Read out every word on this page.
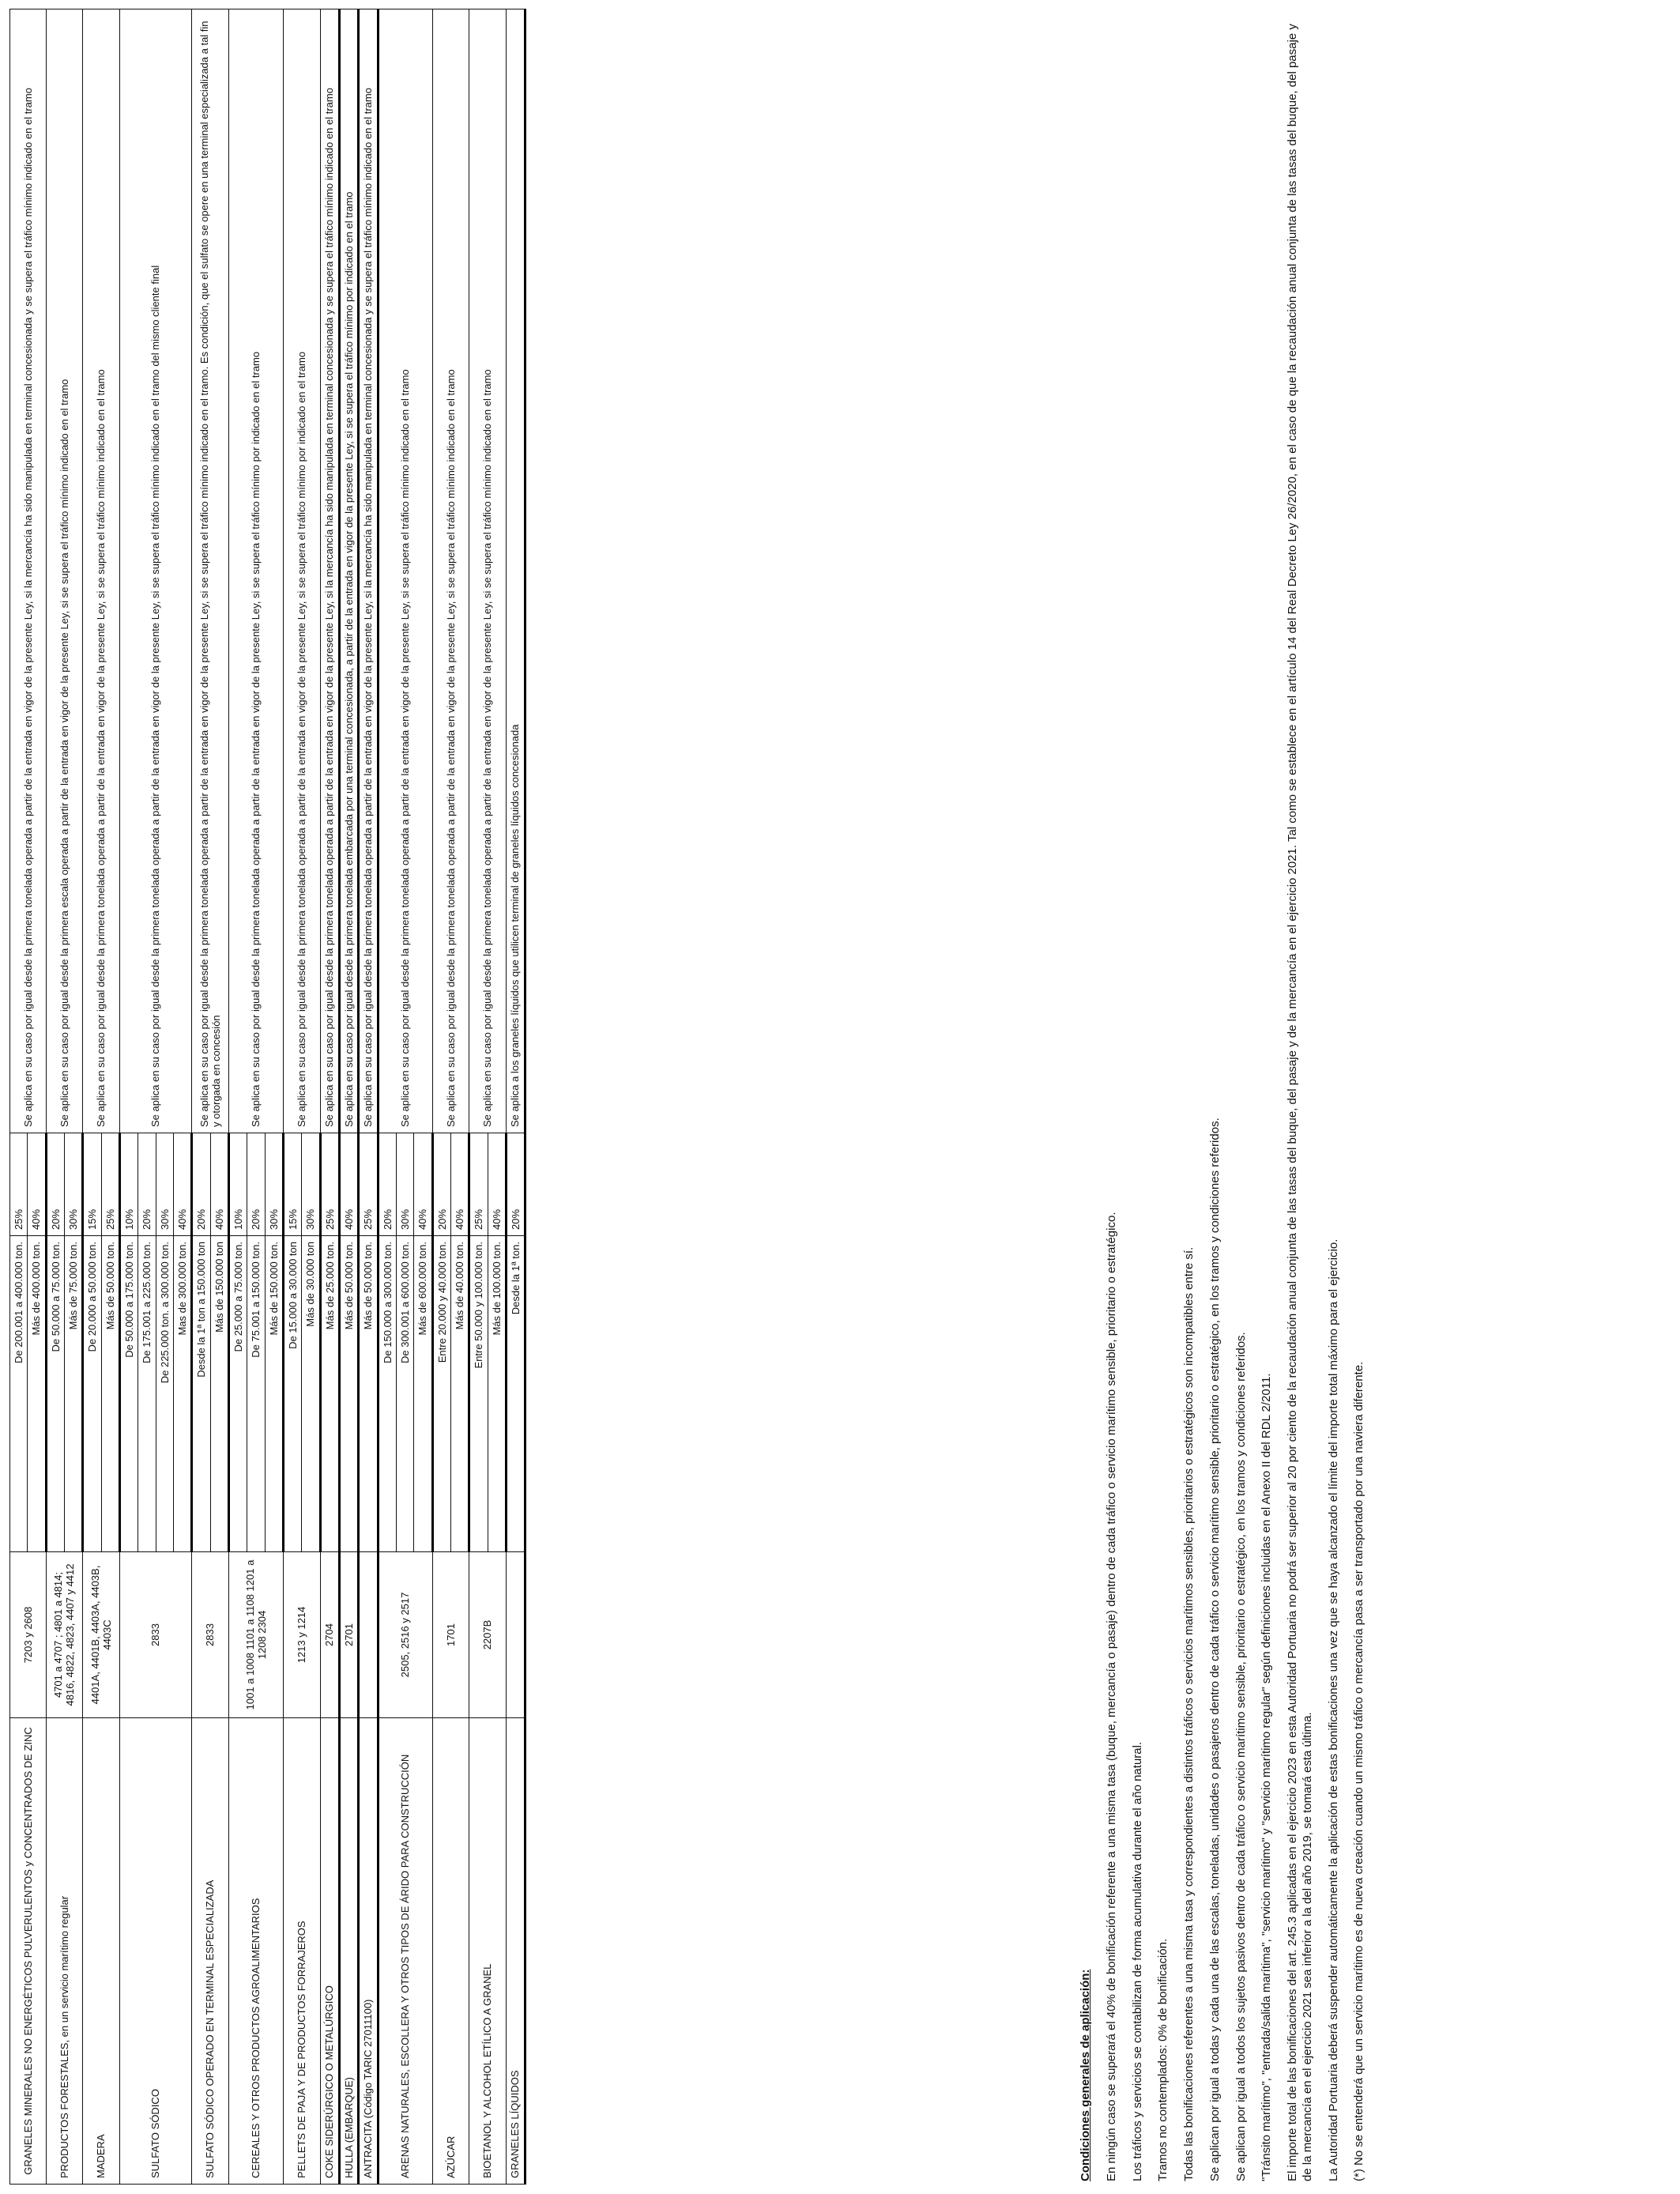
GRANELES MINERALES NO ENERGÉTICOS PULVERULENTOS y CONCENTRADOS DE ZINC	7203 y 2608	De 200.001 a 400.000 ton.	25%	Se aplica en su caso por igual desde la primera tonelada operada a partir de la entrada en vigor de la presente Ley, si la mercancía ha sido manipulada en terminal concesionada y se supera el tráfico mínimo indicado en el tramo
		Más de 400.000 ton.	40%	
PRODUCTOS FORESTALES, en un servicio marítimo regular	4701 a 4707 ; 4801 a 4814; 4816, 4822, 4823, 4407 y 4412	De 50.000 a 75.000 ton.	20%	Se aplica en su caso por igual desde la primera escala operada a partir de la entrada en vigor de la presente Ley, si se supera el tráfico mínimo indicado en el tramo
		Más de 75.000 ton.	30%	
MADERA	4401A, 4401B, 4403A, 4403B, 4403C	De 20.000 a 50.000 ton.	15%	Se aplica en su caso por igual desde la primera tonelada operada a partir de la entrada en vigor de la presente Ley, si se supera el tráfico mínimo indicado en el tramo
		Más de 50.000 ton.	25%	
SULFATO SÓDICO	2833	De 50.000 a 175.000 ton.	10%	Se aplica en su caso por igual desde la primera tonelada operada a partir de la entrada en vigor de la presente Ley, si se supera el tráfico mínimo indicado en el tramo del mismo cliente final
		De 175.001 a 225.000 ton.	20%	
		De 225.000 ton. a 300.000 ton.	30%	
		Mas de 300.000 ton.	40%	
SULFATO SÓDICO OPERADO EN TERMINAL ESPECIALIZADA	2833	Desde la 1ª ton a 150.000 ton	20%	Se aplica en su caso por igual desde la primera tonelada operada a partir de la entrada en vigor de la presente Ley, si se supera el tráfico mínimo indicado en el tramo. Es condición, que el sulfato se opere en una terminal especializada a tal fin y otorgada en concesión
		Más de 150.000 ton	40%	
CEREALES Y OTROS PRODUCTOS AGROALIMENTARIOS	1001 a 1008 1101 a 1108 1201 a 1208 2304	De 25.000 a 75.000 ton.	10%	Se aplica en su caso por igual desde la primera tonelada operada a partir de la entrada en vigor de la presente Ley, si se supera el tráfico mínimo por indicado en el tramo
		De 75.001 a 150.000 ton.	20%	
		Más de 150.000 ton.	30%	
PELLETS DE PAJA Y DE PRODUCTOS FORRAJEROS	1213 y 1214	De 15.000 a 30.000 ton	15%	Se aplica en su caso por igual desde la primera tonelada operada a partir de la entrada en vigor de la presente Ley, si se supera el tráfico mínimo por indicado en el tramo
		Más de 30.000 ton	30%	
COKE SIDERÚRGICO O METALÚRGICO	2704	Más de 25.000 ton.	25%	Se aplica en su caso por igual desde la primera tonelada operada a partir de la entrada en vigor de la presente Ley, si la mercancía ha sido manipulada en terminal concesionada y se supera el tráfico mínimo indicado en el tramo
HULLA (EMBARQUE)	2701	Más de 50.000 ton.	40%	Se aplica en su caso por igual desde la primera tonelada embarcada por una terminal concesionada, a partir de la entrada en vigor de la presente Ley, si se supera el tráfico mínimo por indicado en el tramo
ANTRACITA (Código TARIC 27011100)		Más de 50.000 ton.	25%	Se aplica en su caso por igual desde la primera tonelada operada a partir de la entrada en vigor de la presente Ley, si la mercancía ha sido manipulada en terminal concesionada y se supera el tráfico mínimo indicado en el tramo
ARENAS NATURALES, ESCOLLERA Y OTROS TIPOS DE ÁRIDO PARA CONSTRUCCIÓN	2505, 2516 y 2517	De 150.000 a 300.000 ton.	20%	Se aplica en su caso por igual desde la primera tonelada operada a partir de la entrada en vigor de la presente Ley, si se supera el tráfico mínimo indicado en el tramo
		De 300.001 a 600.000 ton.	30%	
		Más de 600.000 ton.	40%	
AZÚCAR	1701	Entre 20.000 y 40.000 ton.	20%	Se aplica en su caso por igual desde la primera tonelada operada a partir de la entrada en vigor de la presente Ley, si se supera el tráfico mínimo indicado en el tramo
		Más de 40.000 ton.	40%	
BIOETANOL Y ALCOHOL ETÍLICO A GRANEL	2207B	Entre 50.000 y 100.000 ton.	25%	Se aplica en su caso por igual desde la primera tonelada operada a partir de la entrada en vigor de la presente Ley, si se supera el tráfico mínimo indicado en el tramo
		Más de 100.000 ton.	40%	
GRANELES LÍQUIDOS		Desde la 1ª ton.	20%	Se aplica a los graneles líquidos que utilicen terminal de graneles líquidos concesionada
Condiciones generales de aplicación: En ningún caso se superará el 40% de bonificación referente a una misma tasa (buque, mercancía o pasaje) dentro de cada tráfico o servicio marítimo sensible, prioritario o estratégico. Los tráficos y servicios se contabilizan de forma acumulativa durante el año natural. Tramos no contemplados: 0% de bonificación. Todas las bonificaciones referentes a una misma tasa y correspondientes a distintos tráficos o servicios marítimos sensibles, prioritarios o estratégicos son incompatibles entre sí. Se aplican por igual a todas y cada una de las escalas, toneladas, unidades o pasajeros dentro de cada tráfico o servicio marítimo sensible, prioritario o estratégico, en los tramos y condiciones referidos. Se aplican por igual a todos los sujetos pasivos dentro de cada tráfico o servicio marítimo sensible, prioritario o estratégico, en los tramos y condiciones referidos. "Tránsito marítimo", "entrada/salida marítima", "servicio marítimo" y "servicio marítimo regular" según definiciones incluidas en el Anexo II del RDL 2/2011. El importe total de las bonificaciones del art. 245.3 aplicadas en el ejercicio 2023 en esta Autoridad Portuaria no podrá ser superior al 20 por ciento de la recaudación anual conjunta de las tasas del buque, del pasaje y de la mercancía en el ejercicio 2021. Tal como se establece en el artículo 14 del Real Decreto Ley 26/2020, en el caso de que la recaudación anual conjunta de las tasas del buque, del pasaje y de la mercancía en el ejercicio 2021 sea inferior a la del año 2019, se tomará esta última. La Autoridad Portuaria deberá suspender automáticamente la aplicación de estas bonificaciones una vez que se haya alcanzado el límite del importe total máximo para el ejercicio. (*) No se entenderá que un servicio marítimo es de nueva creación cuando un mismo tráfico o mercancía pasa a ser transportado por una naviera diferente.
